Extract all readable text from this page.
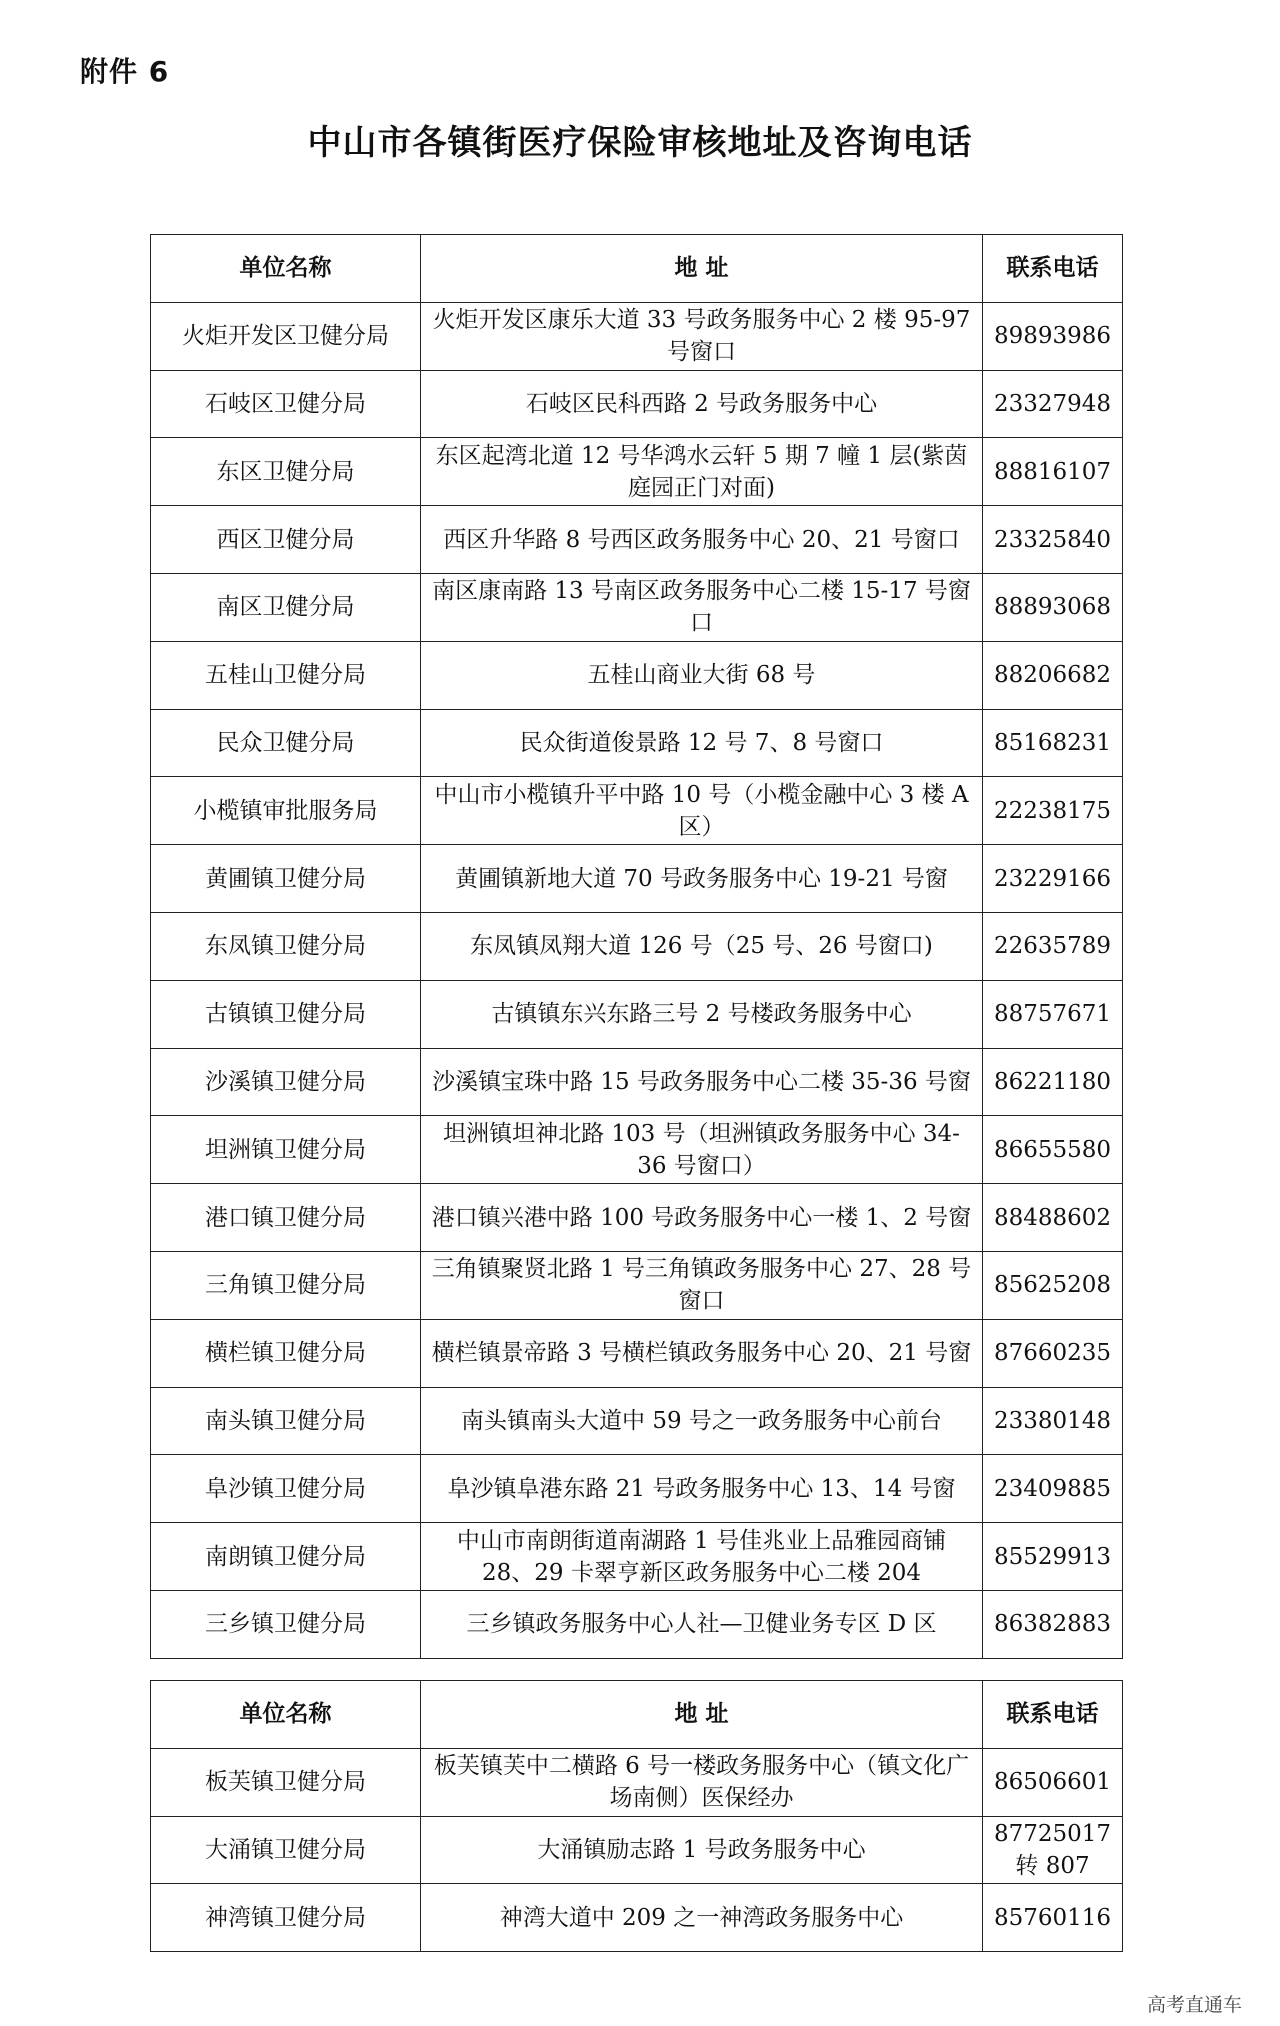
附件 6
中山市各镇街医疗保险审核地址及咨询电话
单位名称	地 址	联系电话
火炬开发区卫健分局	火炬开发区康乐大道 33 号政务服务中心 2 楼 95-97 号窗口	89893986
石岐区卫健分局	石岐区民科西路 2 号政务服务中心	23327948
东区卫健分局	东区起湾北道 12 号华鸿水云轩 5 期 7 幢 1 层(紫茵庭园正门对面)	88816107
西区卫健分局	西区升华路 8 号西区政务服务中心 20、21 号窗口	23325840
南区卫健分局	南区康南路 13 号南区政务服务中心二楼 15-17 号窗口	88893068
五桂山卫健分局	五桂山商业大街 68 号	88206682
民众卫健分局	民众街道俊景路 12 号 7、8 号窗口	85168231
小榄镇审批服务局	中山市小榄镇升平中路 10 号（小榄金融中心 3 楼 A 区）	22238175
黄圃镇卫健分局	黄圃镇新地大道 70 号政务服务中心 19-21 号窗	23229166
东凤镇卫健分局	东凤镇凤翔大道 126 号（25 号、26 号窗口)	22635789
古镇镇卫健分局	古镇镇东兴东路三号 2 号楼政务服务中心	88757671
沙溪镇卫健分局	沙溪镇宝珠中路 15 号政务服务中心二楼 35-36 号窗	86221180
坦洲镇卫健分局	坦洲镇坦神北路 103 号（坦洲镇政务服务中心 34-36 号窗口）	86655580
港口镇卫健分局	港口镇兴港中路 100 号政务服务中心一楼 1、2 号窗	88488602
三角镇卫健分局	三角镇聚贤北路 1 号三角镇政务服务中心 27、28 号窗口	85625208
横栏镇卫健分局	横栏镇景帝路 3 号横栏镇政务服务中心 20、21 号窗	87660235
南头镇卫健分局	南头镇南头大道中 59 号之一政务服务中心前台	23380148
阜沙镇卫健分局	阜沙镇阜港东路 21 号政务服务中心 13、14 号窗	23409885
南朗镇卫健分局	中山市南朗街道南湖路 1 号佳兆业上品雅园商铺 28、29 卡翠亨新区政务服务中心二楼 204	85529913
三乡镇卫健分局	三乡镇政务服务中心人社—卫健业务专区 D 区	86382883
单位名称	地 址	联系电话
板芙镇卫健分局	板芙镇芙中二横路 6 号一楼政务服务中心（镇文化广场南侧）医保经办	86506601
大涌镇卫健分局	大涌镇励志路 1 号政务服务中心	87725017 转 807
神湾镇卫健分局	神湾大道中 209 之一神湾政务服务中心	85760116
高考直通车
